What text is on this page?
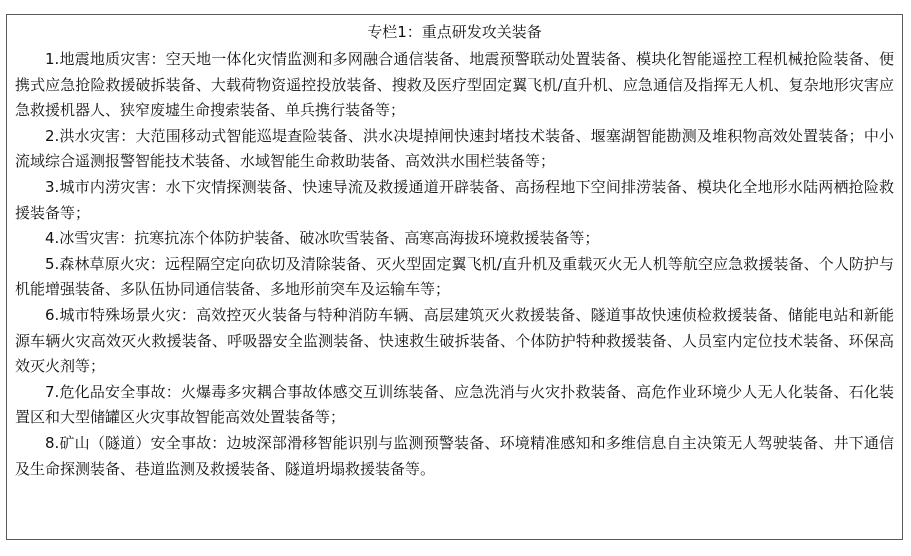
专栏1：重点研发攻关装备

1.地震地质灾害：空天地一体化灾情监测和多网融合通信装备、地震预警联动处置装备、模块化智能遥控工程机械抢险装备、便携式应急抢险救援破拆装备、大载荷物资遥控投放装备、搜救及医疗型固定翼飞机/直升机、应急通信及指挥无人机、复杂地形灾害应急救援机器人、狭窄废墟生命搜索装备、单兵携行装备等；

2.洪水灾害：大范围移动式智能巡堤查险装备、洪水决堤掉闸快速封堵技术装备、堰塞湖智能勘测及堆积物高效处置装备；中小流域综合遥测报警智能技术装备、水域智能生命救助装备、高效洪水围栏装备等；

3.城市内涝灾害：水下灾情探测装备、快速导流及救援通道开辟装备、高扬程地下空间排涝装备、模块化全地形水陆两栖抢险救援装备等；

4.冰雪灾害：抗寒抗冻个体防护装备、破冰吹雪装备、高寒高海拔环境救援装备等；

5.森林草原火灾：远程隔空定向砍切及清除装备、灭火型固定翼飞机/直升机及重载灭火无人机等航空应急救援装备、个人防护与机能增强装备、多队伍协同通信装备、多地形前突车及运输车等；

6.城市特殊场景火灾：高效控灭火装备与特种消防车辆、高层建筑灭火救援装备、隧道事故快速侦检救援装备、储能电站和新能源车辆火灾高效灭火救援装备、呼吸器安全监测装备、快速救生破拆装备、个体防护特种救援装备、人员室内定位技术装备、环保高效灭火剂等；

7.危化品安全事故：火爆毒多灾耦合事故体感交互训练装备、应急洗消与火灾扑救装备、高危作业环境少人无人化装备、石化装置区和大型储罐区火灾事故智能高效处置装备等；

8.矿山（隧道）安全事故：边坡深部滑移智能识别与监测预警装备、环境精准感知和多维信息自主决策无人驾驶装备、井下通信及生命探测装备、巷道监测及救援装备、隧道坍塌救援装备等。
